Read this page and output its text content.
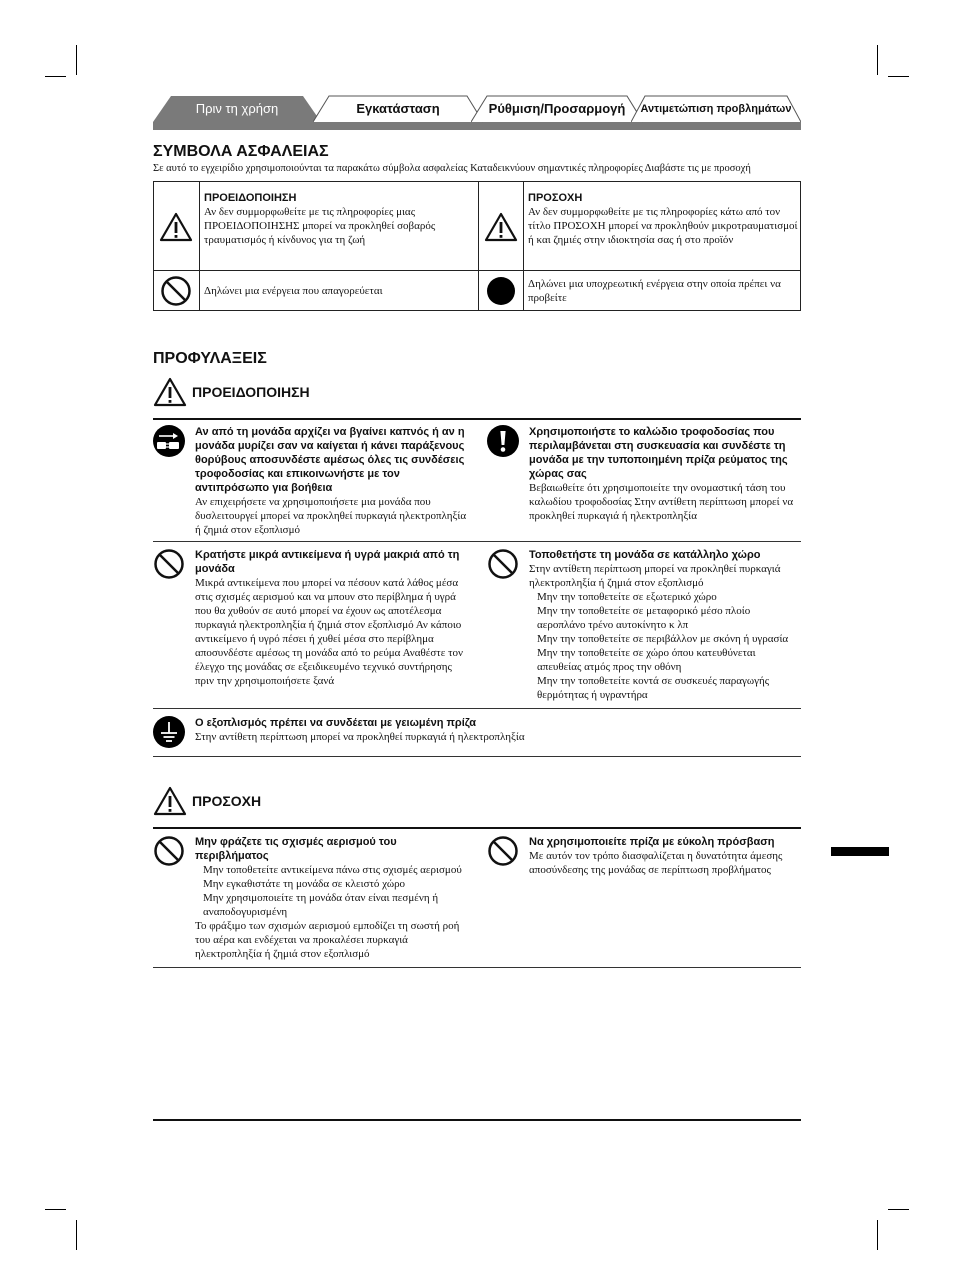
Πριν τη χρήση	Εγκατάσταση	Ρύθμιση/Προσαρμογή Αντιμετώπιση προβλημάτων
ΣΥΜΒΟΛΑ ΑΣΦΑΛΕΙΑΣ
Σε αυτό το εγχειρίδιο χρησιμοποιούνται τα παρακάτω σύμβολα ασφαλείας Καταδεικνύουν σημαντικές πληροφορίες Διαβάστε τις με προσοχή
ΠΡΟΕΙΔΟΠΟΙΗΣΗ
Αν δεν συμμορφωθείτε με τις πληροφορίες μιας ΠΡΟΕΙΔΟΠΟΙΗΣΗΣ μπορεί να προκληθεί σοβαρός τραυματισμός ή κίνδυνος για τη ζωή
ΠΡΟΣΟΧΗ
Αν δεν συμμορφωθείτε με τις πληροφορίες κάτω από τον τίτλο ΠΡΟΣΟΧΗ μπορεί να προκληθούν μικροτραυματισμοί ή και ζημιές στην ιδιοκτησία σας ή στο προϊόν
Δηλώνει μια ενέργεια που απαγορεύεται
Δηλώνει μια υποχρεωτική ενέργεια στην οποία πρέπει να προβείτε
ΠΡΟΦΥΛΑΞΕΙΣ
ΠΡΟΕΙΔΟΠΟΙΗΣΗ
Αν από τη μονάδα αρχίζει να βγαίνει καπνός ή αν η μονάδα μυρίζει σαν να καίγεται ή κάνει παράξενους θορύβους αποσυνδέστε αμέσως όλες τις συνδέσεις τροφοδοσίας και επικοινωνήστε με τον αντιπρόσωπο για βοήθεια
Αν επιχειρήσετε να χρησιμοποιήσετε μια μονάδα που δυσλειτουργεί μπορεί να προκληθεί πυρκαγιά ηλεκτροπληξία ή ζημιά στον εξοπλισμό
Χρησιμοποιήστε το καλώδιο τροφοδοσίας που περιλαμβάνεται στη συσκευασία και συνδέστε τη μονάδα με την τυποποιημένη πρίζα ρεύματος της χώρας σας
Βεβαιωθείτε ότι χρησιμοποιείτε την ονομαστική τάση του καλωδίου τροφοδοσίας Στην αντίθετη περίπτωση μπορεί να προκληθεί πυρκαγιά ή ηλεκτροπληξία
Κρατήστε μικρά αντικείμενα ή υγρά μακριά από τη μονάδα
Μικρά αντικείμενα που μπορεί να πέσουν κατά λάθος μέσα στις σχισμές αερισμού και να μπουν στο περίβλημα ή υγρά που θα χυθούν σε αυτό μπορεί να έχουν ως αποτέλεσμα πυρκαγιά ηλεκτροπληξία ή ζημιά στον εξοπλισμό Αν κάποιο αντικείμενο ή υγρό πέσει ή χυθεί μέσα στο περίβλημα αποσυνδέστε αμέσως τη μονάδα από το ρεύμα Αναθέστε τον έλεγχο της μονάδας σε εξειδικευμένο τεχνικό συντήρησης πριν την χρησιμοποιήσετε ξανά
Τοποθετήστε τη μονάδα σε κατάλληλο χώρο
Στην αντίθετη περίπτωση μπορεί να προκληθεί πυρκαγιά ηλεκτροπληξία ή ζημιά στον εξοπλισμό
Μην την τοποθετείτε σε εξωτερικό χώρο
Μην την τοποθετείτε σε μεταφορικό μέσο πλοίο αεροπλάνο τρένο αυτοκίνητο κ λπ
Μην την τοποθετείτε σε περιβάλλον με σκόνη ή υγρασία
Μην την τοποθετείτε σε χώρο όπου κατευθύνεται απευθείας ατμός προς την οθόνη
Μην την τοποθετείτε κοντά σε συσκευές παραγωγής θερμότητας ή υγραντήρα
Ο εξοπλισμός πρέπει να συνδέεται με γειωμένη πρίζα
Στην αντίθετη περίπτωση μπορεί να προκληθεί πυρκαγιά ή ηλεκτροπληξία
ΠΡΟΣΟΧΗ
Μην φράζετε τις σχισμές αερισμού του περιβλήματος
Μην τοποθετείτε αντικείμενα πάνω στις σχισμές αερισμού
Μην εγκαθιστάτε τη μονάδα σε κλειστό χώρο
Μην χρησιμοποιείτε τη μονάδα όταν είναι πεσμένη ή αναποδογυρισμένη
Το φράξιμο των σχισμών αερισμού εμποδίζει τη σωστή ροή του αέρα και ενδέχεται να προκαλέσει πυρκαγιά ηλεκτροπληξία ή ζημιά στον εξοπλισμό
Να χρησιμοποιείτε πρίζα με εύκολη πρόσβαση
Με αυτόν τον τρόπο διασφαλίζεται η δυνατότητα άμεσης αποσύνδεσης της μονάδας σε περίπτωση προβλήματος
